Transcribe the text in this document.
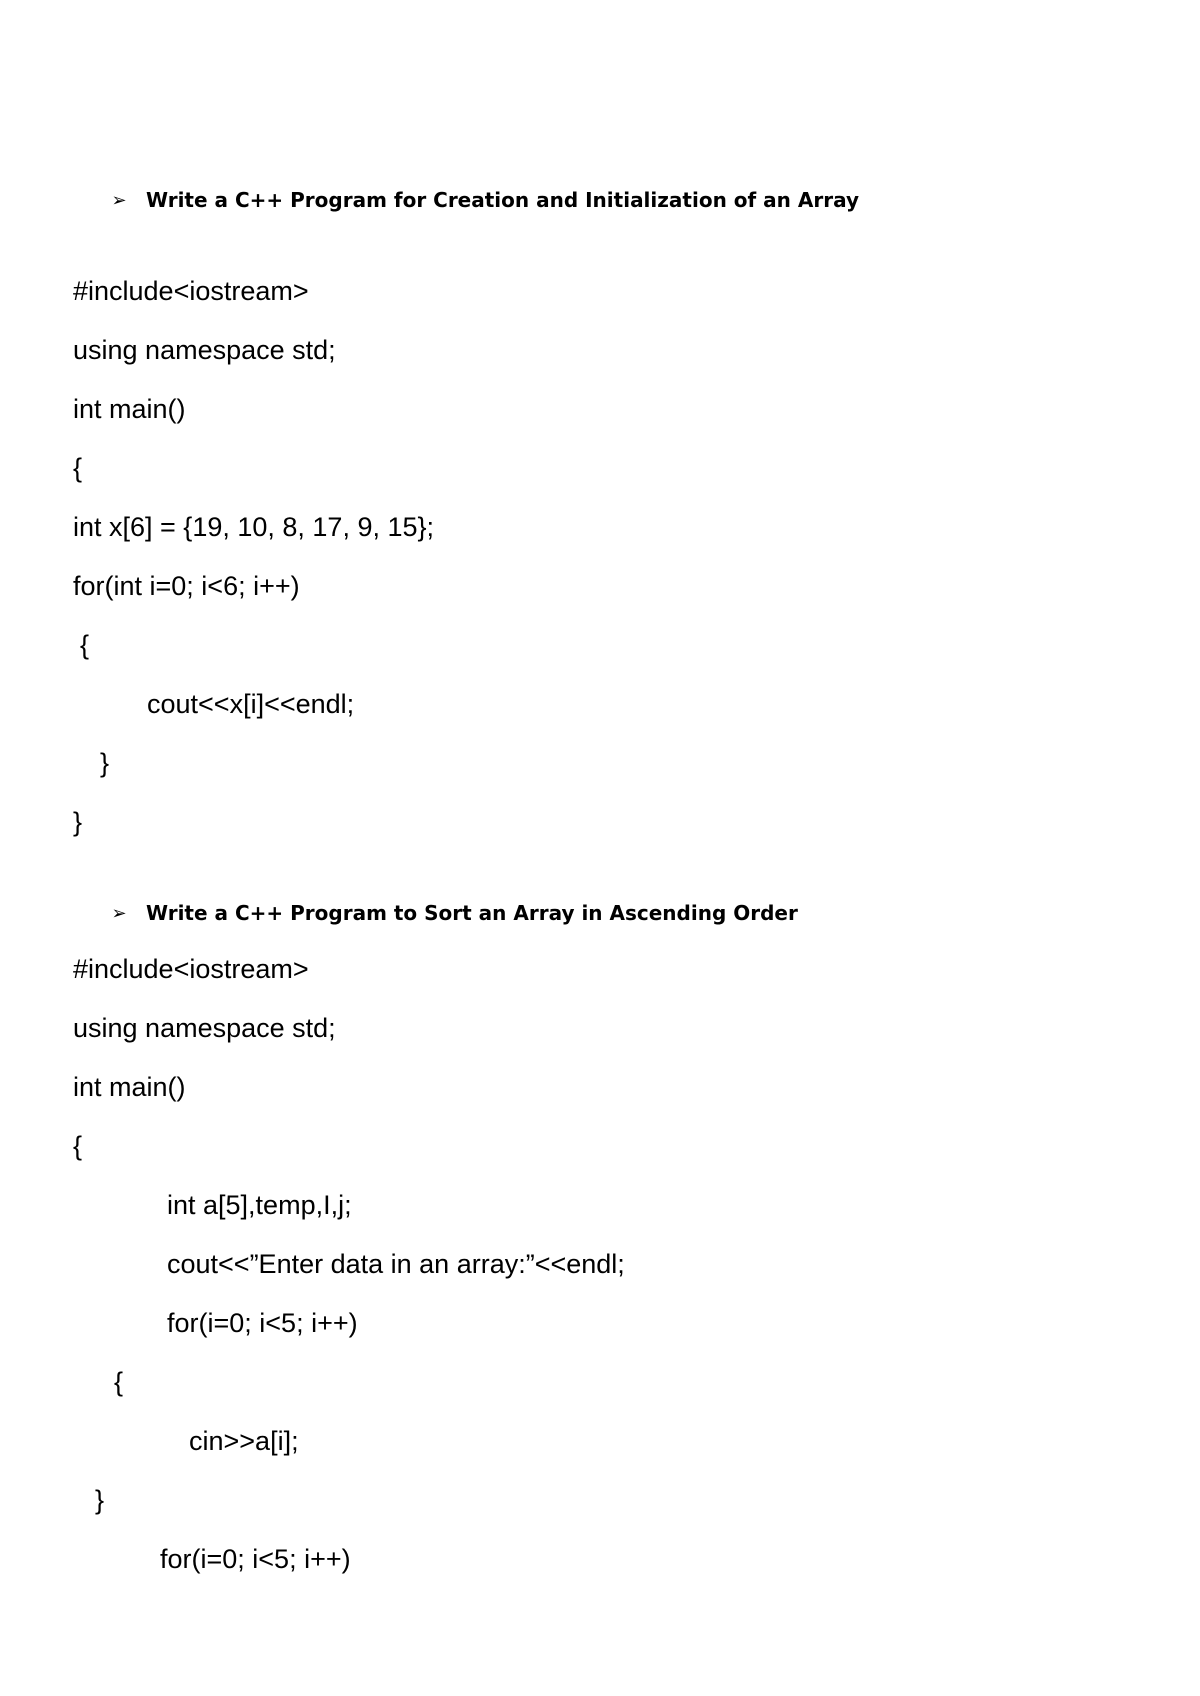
➢ Write a C++ Program for Creation and Initialization of an Array
#include<iostream>
using namespace std;
int main()
{
int x[6] = {19, 10, 8, 17, 9, 15};
for(int i=0; i<6; i++)
{
cout<<x[i]<<endl;
}
}
➢ Write a C++ Program to Sort an Array in Ascending Order
#include<iostream>
using namespace std;
int main()
{
int a[5],temp,I,j;
cout<<”Enter data in an array:”<<endl;
for(i=0; i<5; i++)
{
cin>>a[i];
}
for(i=0; i<5; i++)
